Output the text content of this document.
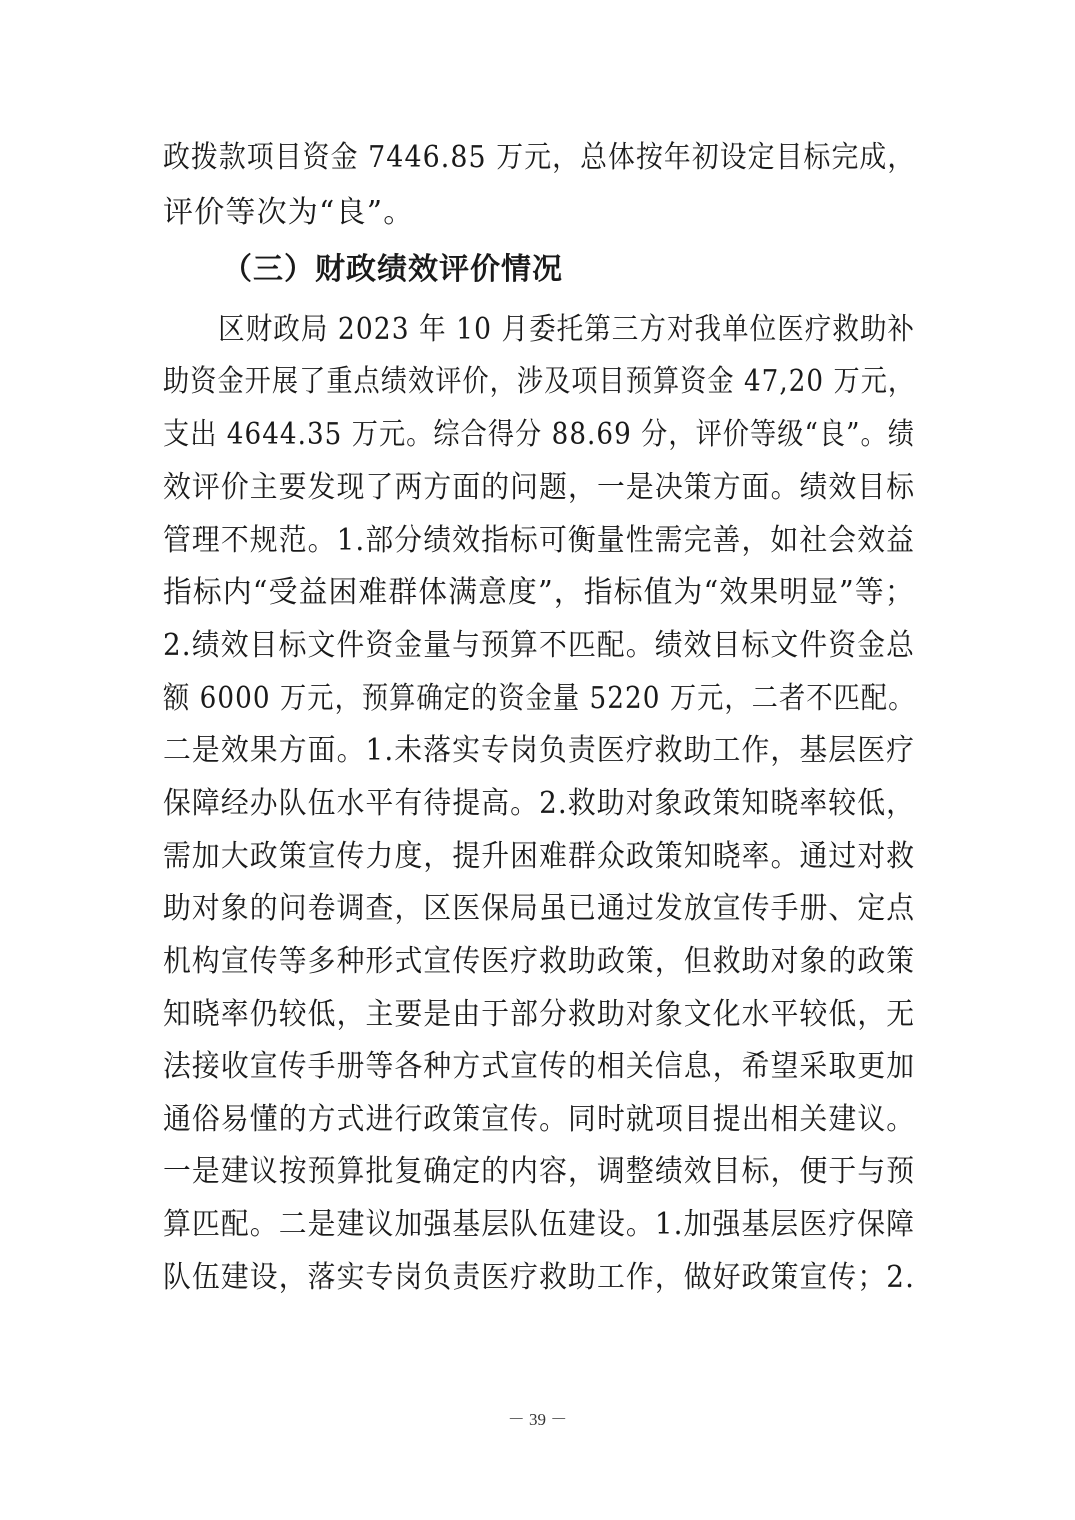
政拨款项目资金 7446.85 万元，总体按年初设定目标完成，
评价等次为“良”。
（三）财政绩效评价情况
　　区财政局 2023 年 10 月委托第三方对我单位医疗救助补
助资金开展了重点绩效评价，涉及项目预算资金 47,20 万元，
支出 4644.35 万元。综合得分 88.69 分，评价等级“良”。绩
效评价主要发现了两方面的问题，一是决策方面。绩效目标
管理不规范。1.部分绩效指标可衡量性需完善，如社会效益
指标内“受益困难群体满意度”，指标值为“效果明显”等；
2.绩效目标文件资金量与预算不匹配。绩效目标文件资金总
额 6000 万元，预算确定的资金量 5220 万元，二者不匹配。
二是效果方面。1.未落实专岗负责医疗救助工作，基层医疗
保障经办队伍水平有待提高。2.救助对象政策知晓率较低，
需加大政策宣传力度，提升困难群众政策知晓率。通过对救
助对象的问卷调查，区医保局虽已通过发放宣传手册、定点
机构宣传等多种形式宣传医疗救助政策，但救助对象的政策
知晓率仍较低，主要是由于部分救助对象文化水平较低，无
法接收宣传手册等各种方式宣传的相关信息，希望采取更加
通俗易懂的方式进行政策宣传。同时就项目提出相关建议。
一是建议按预算批复确定的内容，调整绩效目标，便于与预
算匹配。二是建议加强基层队伍建设。1.加强基层医疗保障
队伍建设，落实专岗负责医疗救助工作，做好政策宣传；2.
－ 39 －
